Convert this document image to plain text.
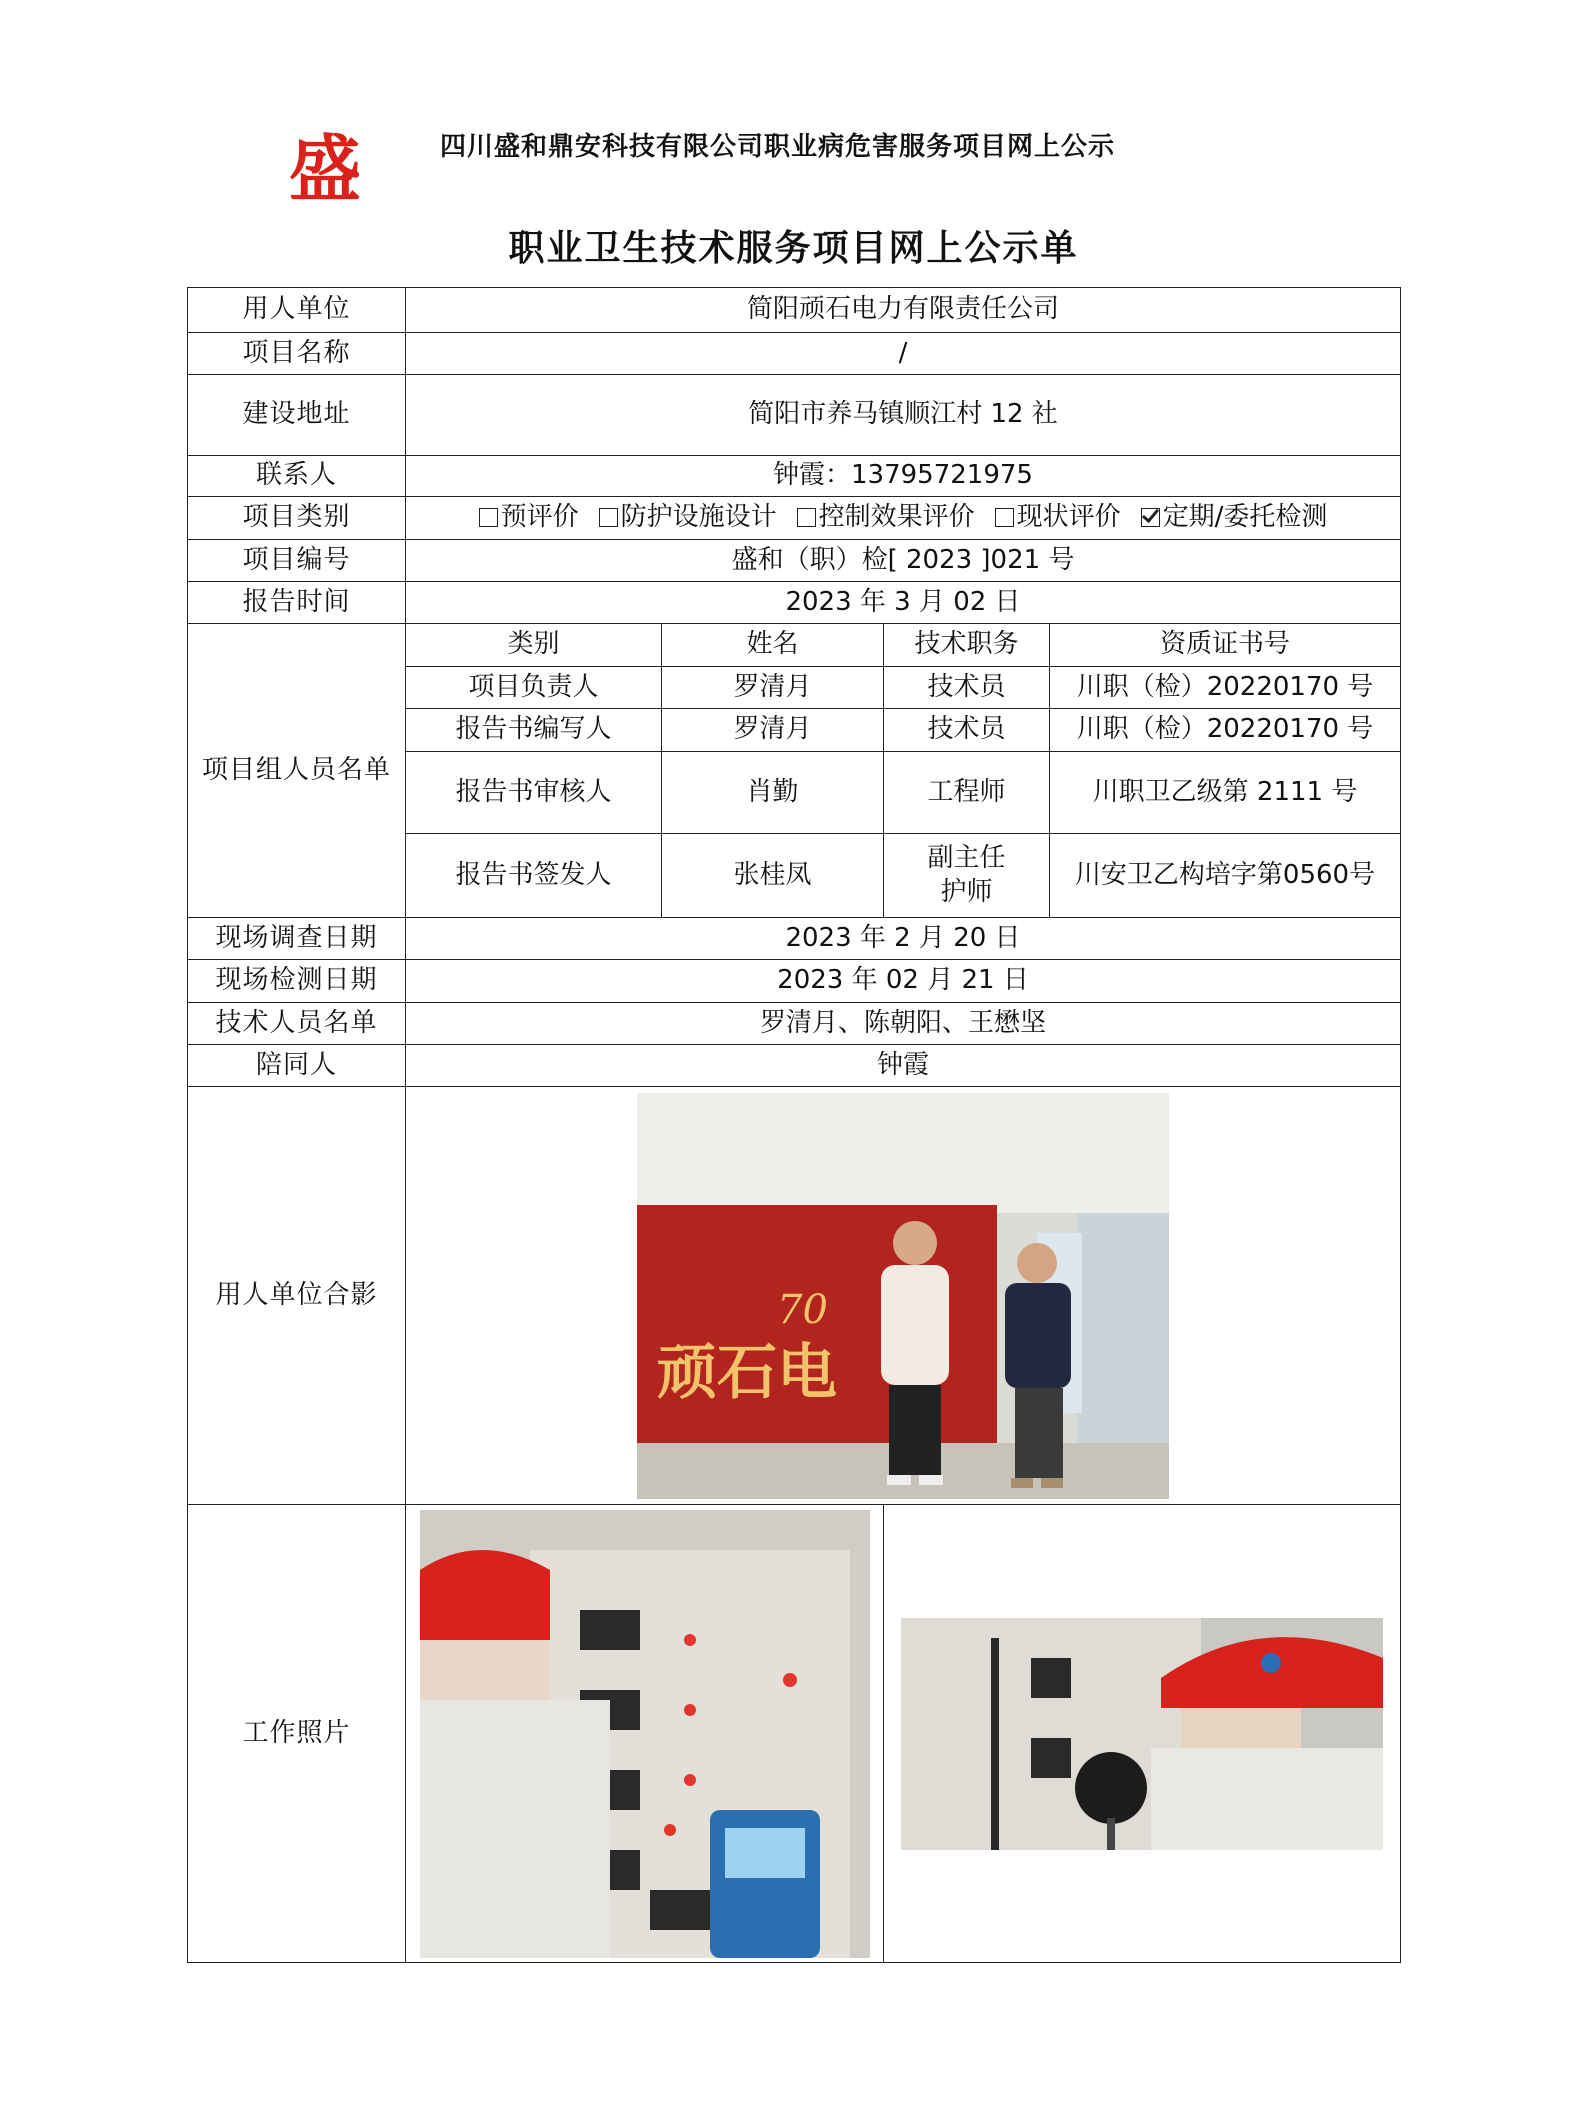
盛	四川盛和鼎安科技有限公司职业病危害服务项目网上公示
职业卫生技术服务项目网上公示单
用人单位	简阳顽石电力有限责任公司			
项目名称	/			
建设地址	简阳市养马镇顺江村 12 社			
联系人	钟霞：13795721975			
项目类别	预评价 防护设施设计 控制效果评价 现状评价 定期/委托检测			
项目编号	盛和（职）检[ 2023 ]021 号			
报告时间	2023 年 3 月 02 日			
项目组人员名单	类别	姓名	技术职务	资质证书号
	项目负责人	罗清月	技术员	川职（检）20220170 号
	报告书编写人	罗清月	技术员	川职（检）20220170 号
	报告书审核人	肖勤	工程师	川职卫乙级第 2111 号
	报告书签发人	张桂凤	副主任护师	川安卫乙构培字第0560号
现场调查日期	2023 年 2 月 20 日			
现场检测日期	2023 年 02 月 21 日			
技术人员名单	罗清月、陈朝阳、王懋坚			
陪同人	钟霞			
用人单位合影	70
顽石电			

工作照片	
